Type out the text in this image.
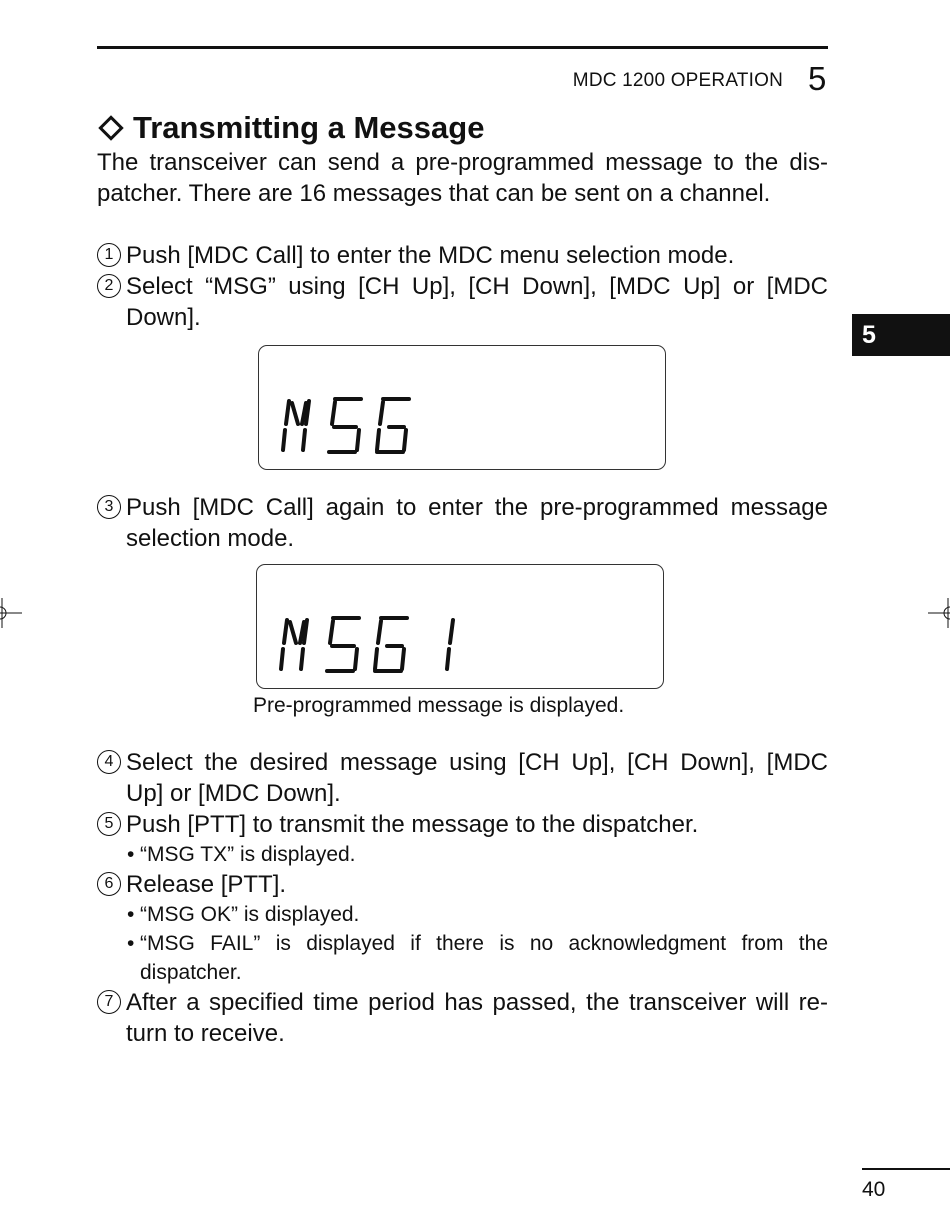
MDC 1200 OPERATION 5
Transmitting a Message
The transceiver can send a pre-programmed message to the dis-
patcher. There are 16 messages that can be sent on a channel.
1 Push [MDC Call] to enter the MDC menu selection mode.
2 Select “MSG” using [CH Up], [CH Down], [MDC Up] or [MDC
Down].
3 Push [MDC Call] again to enter the pre-programmed message
selection mode.
Pre-programmed message is displayed.
4 Select the desired message using [CH Up], [CH Down], [MDC
Up] or [MDC Down].
5 Push [PTT] to transmit the message to the dispatcher.
• “MSG TX” is displayed.
6 Release [PTT].
• “MSG OK” is displayed.
• “MSG FAIL” is displayed if there is no acknowledgment from the
dispatcher.
7 After a specified time period has passed, the transceiver will re-
turn to receive.
5
40
